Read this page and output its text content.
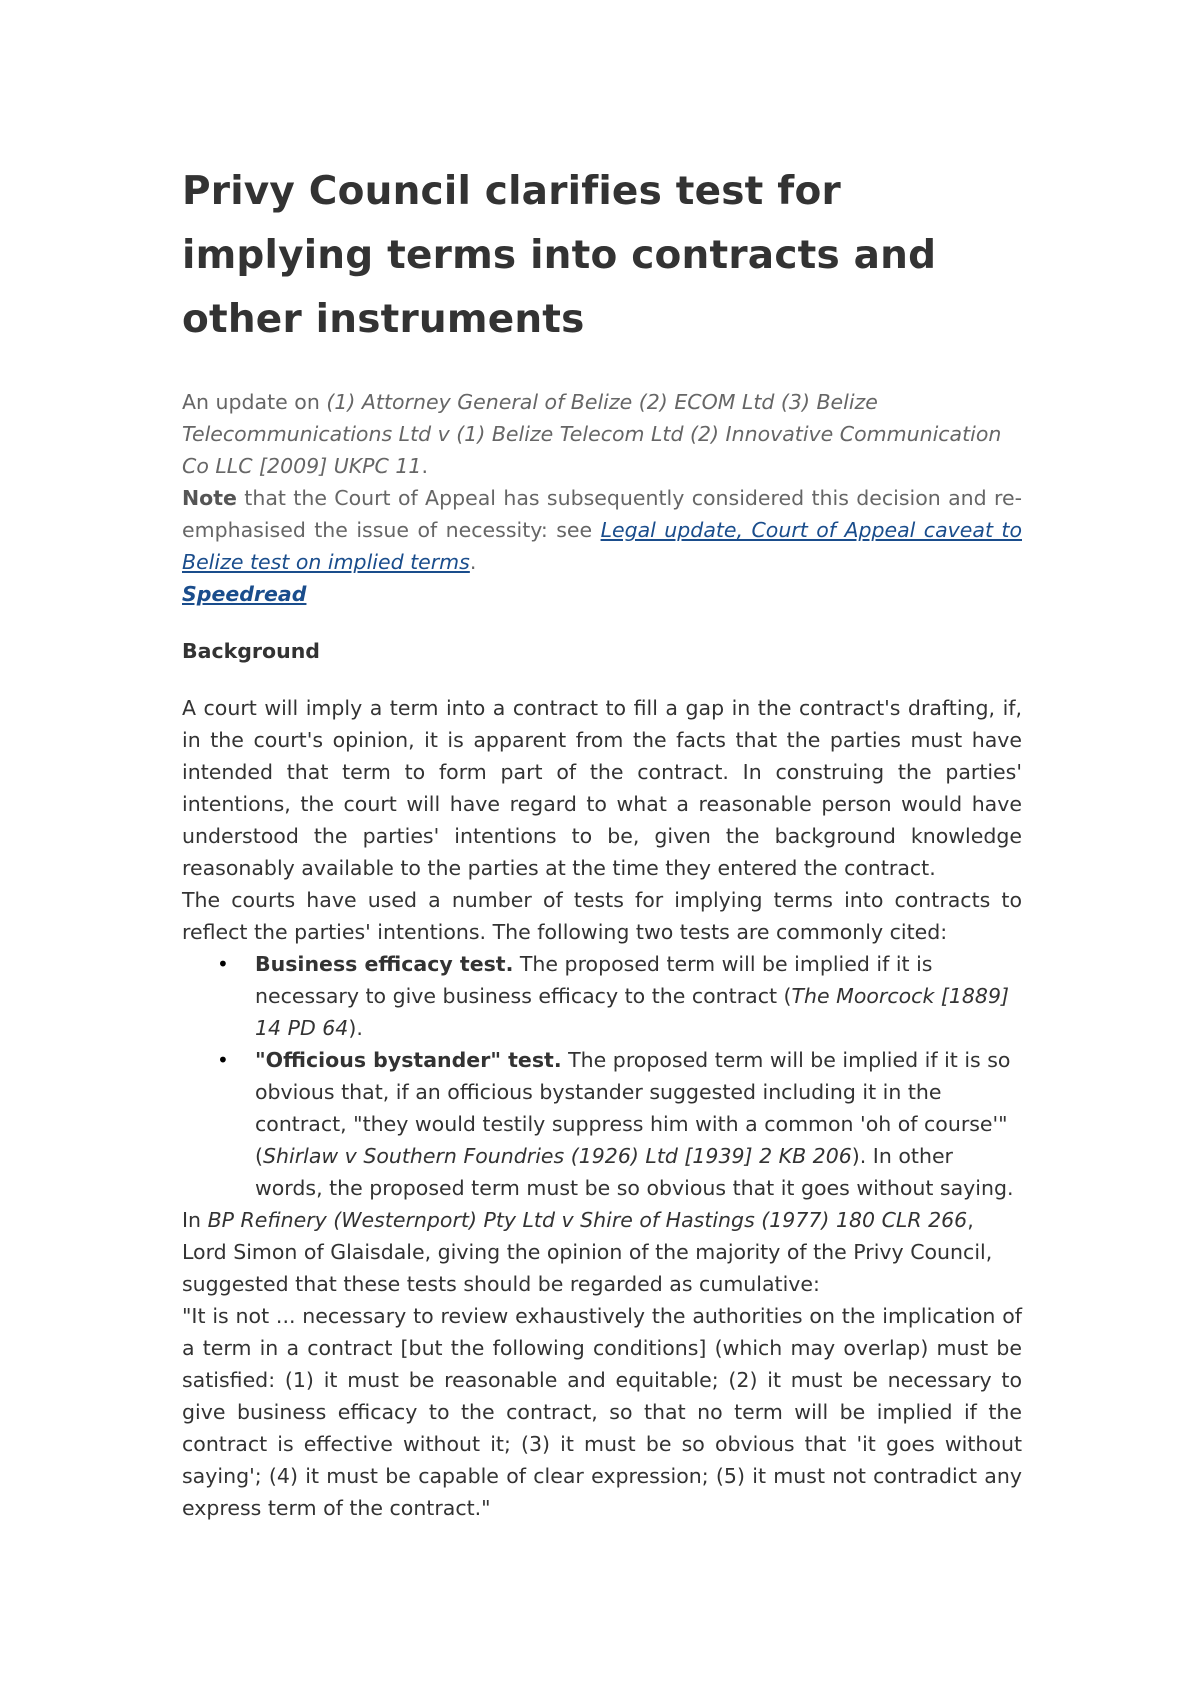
Privy Council clarifies test for implying terms into contracts and other instruments

An update on (1) Attorney General of Belize (2) ECOM Ltd (3) Belize Telecommunications Ltd v (1) Belize Telecom Ltd (2) Innovative Communication Co LLC [2009] UKPC 11.

Note that the Court of Appeal has subsequently considered this decision and re-emphasised the issue of necessity: see Legal update, Court of Appeal caveat to Belize test on implied terms.

Speedread
Background

A court will imply a term into a contract to fill a gap in the contract's drafting, if, in the court's opinion, it is apparent from the facts that the parties must have intended that term to form part of the contract. In construing the parties' intentions, the court will have regard to what a reasonable person would have understood the parties' intentions to be, given the background knowledge reasonably available to the parties at the time they entered the contract.

The courts have used a number of tests for implying terms into contracts to reflect the parties' intentions. The following two tests are commonly cited:

• Business efficacy test. The proposed term will be implied if it is necessary to give business efficacy to the contract (The Moorcock [1889] 14 PD 64).
• "Officious bystander" test. The proposed term will be implied if it is so obvious that, if an officious bystander suggested including it in the contract, "they would testily suppress him with a common 'oh of course'" (Shirlaw v Southern Foundries (1926) Ltd [1939] 2 KB 206). In other words, the proposed term must be so obvious that it goes without saying.

In BP Refinery (Westernport) Pty Ltd v Shire of Hastings (1977) 180 CLR 266, Lord Simon of Glaisdale, giving the opinion of the majority of the Privy Council, suggested that these tests should be regarded as cumulative:

"It is not ... necessary to review exhaustively the authorities on the implication of a term in a contract [but the following conditions] (which may overlap) must be satisfied: (1) it must be reasonable and equitable; (2) it must be necessary to give business efficacy to the contract, so that no term will be implied if the contract is effective without it; (3) it must be so obvious that 'it goes without saying'; (4) it must be capable of clear expression; (5) it must not contradict any express term of the contract."
